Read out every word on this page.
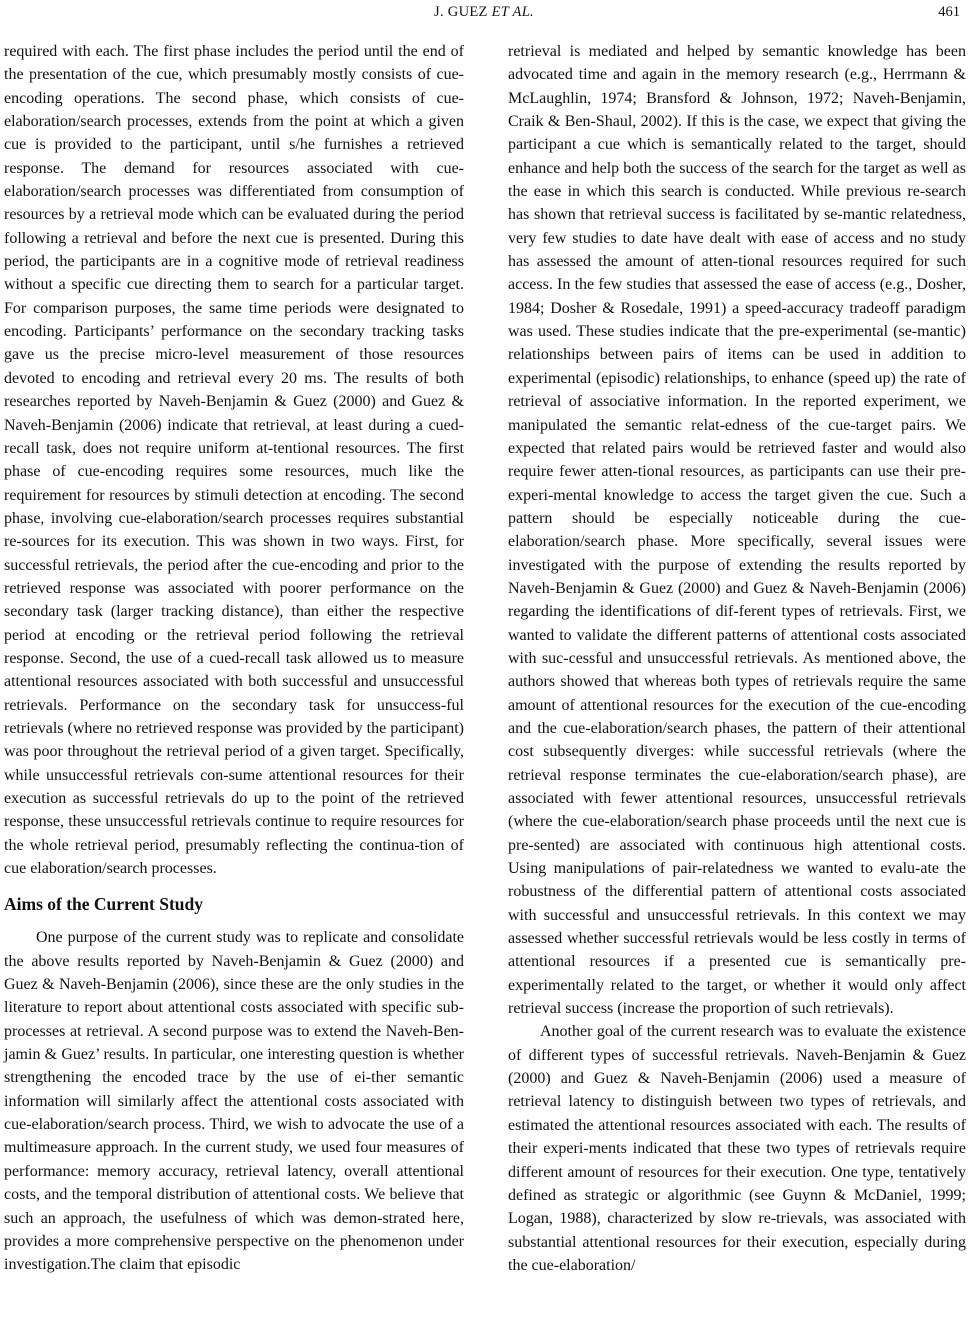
J. GUEZ ET AL.	461

required with each. The first phase includes the period until the end of the presentation of the cue, which presumably mostly consists of cue-encoding operations. The second phase, which consists of cue-elaboration/search processes, extends from the point at which a given cue is provided to the participant, until s/he furnishes a retrieved response. The demand for resources associated with cue-elaboration/search processes was differentiated from consumption of resources by a retrieval mode which can be evaluated during the period following a retrieval and before the next cue is presented. During this period, the participants are in a cognitive mode of retrieval readiness without a specific cue directing them to search for a particular target. For comparison purposes, the same time periods were designated to encoding. Participants’ performance on the secondary tracking tasks gave us the precise micro-level measurement of those resources devoted to encoding and retrieval every 20 ms. The results of both researches reported by Naveh-Benjamin & Guez (2000) and Guez & Naveh-Benjamin (2006) indicate that retrieval, at least during a cued-recall task, does not require uniform at-tentional resources. The first phase of cue-encoding requires some resources, much like the requirement for resources by stimuli detection at encoding. The second phase, involving cue-elaboration/search processes requires substantial re-sources for its execution. This was shown in two ways. First, for successful retrievals, the period after the cue-encoding and prior to the retrieved response was associated with poorer performance on the secondary task (larger tracking distance), than either the respective period at encoding or the retrieval period following the retrieval response. Second, the use of a cued-recall task allowed us to measure attentional resources associated with both successful and unsuccessful retrievals. Performance on the secondary task for unsuccess-ful retrievals (where no retrieved response was provided by the participant) was poor throughout the retrieval period of a given target. Specifically, while unsuccessful retrievals con-sume attentional resources for their execution as successful retrievals do up to the point of the retrieved response, these unsuccessful retrievals continue to require resources for the whole retrieval period, presumably reflecting the continua-tion of cue elaboration/search processes.

Aims of the Current Study

One purpose of the current study was to replicate and consolidate the above results reported by Naveh-Benjamin & Guez (2000) and Guez & Naveh-Benjamin (2006), since these are the only studies in the literature to report about attentional costs associated with specific sub-processes at retrieval. A second purpose was to extend the Naveh-Ben-jamin & Guez’ results. In particular, one interesting question is whether strengthening the encoded trace by the use of ei-ther semantic information will similarly affect the attentional costs associated with cue-elaboration/search process. Third, we wish to advocate the use of a multimeasure approach. In the current study, we used four measures of performance: memory accuracy, retrieval latency, overall attentional costs, and the temporal distribution of attentional costs. We believe that such an approach, the usefulness of which was demon-strated here, provides a more comprehensive perspective on the phenomenon under investigation.The claim that episodic

retrieval is mediated and helped by semantic knowledge has been advocated time and again in the memory research (e.g., Herrmann & McLaughlin, 1974; Bransford & Johnson, 1972; Naveh-Benjamin, Craik & Ben-Shaul, 2002). If this is the case, we expect that giving the participant a cue which is semantically related to the target, should enhance and help both the success of the search for the target as well as the ease in which this search is conducted. While previous re-search has shown that retrieval success is facilitated by se-mantic relatedness, very few studies to date have dealt with ease of access and no study has assessed the amount of atten-tional resources required for such access. In the few studies that assessed the ease of access (e.g., Dosher, 1984; Dosher & Rosedale, 1991) a speed-accuracy tradeoff paradigm was used. These studies indicate that the pre-experimental (se-mantic) relationships between pairs of items can be used in addition to experimental (episodic) relationships, to enhance (speed up) the rate of retrieval of associative information. In the reported experiment, we manipulated the semantic relat-edness of the cue-target pairs. We expected that related pairs would be retrieved faster and would also require fewer atten-tional resources, as participants can use their pre-experi-mental knowledge to access the target given the cue. Such a pattern should be especially noticeable during the cue-elaboration/search phase. More specifically, several issues were investigated with the purpose of extending the results reported by Naveh-Benjamin & Guez (2000) and Guez & Naveh-Benjamin (2006) regarding the identifications of dif-ferent types of retrievals. First, we wanted to validate the different patterns of attentional costs associated with suc-cessful and unsuccessful retrievals. As mentioned above, the authors showed that whereas both types of retrievals require the same amount of attentional resources for the execution of the cue-encoding and the cue-elaboration/search phases, the pattern of their attentional cost subsequently diverges: while successful retrievals (where the retrieval response terminates the cue-elaboration/search phase), are associated with fewer attentional resources, unsuccessful retrievals (where the cue-elaboration/search phase proceeds until the next cue is pre-sented) are associated with continuous high attentional costs. Using manipulations of pair-relatedness we wanted to evalu-ate the robustness of the differential pattern of attentional costs associated with successful and unsuccessful retrievals. In this context we may assessed whether successful retrievals would be less costly in terms of attentional resources if a presented cue is semantically pre-experimentally related to the target, or whether it would only affect retrieval success (increase the proportion of such retrievals).

Another goal of the current research was to evaluate the existence of different types of successful retrievals. Naveh-Benjamin & Guez (2000) and Guez & Naveh-Benjamin (2006) used a measure of retrieval latency to distinguish between two types of retrievals, and estimated the attentional resources associated with each. The results of their experi-ments indicated that these two types of retrievals require different amount of resources for their execution. One type, tentatively defined as strategic or algorithmic (see Guynn & McDaniel, 1999; Logan, 1988), characterized by slow re-trievals, was associated with substantial attentional resources for their execution, especially during the cue-elaboration/
